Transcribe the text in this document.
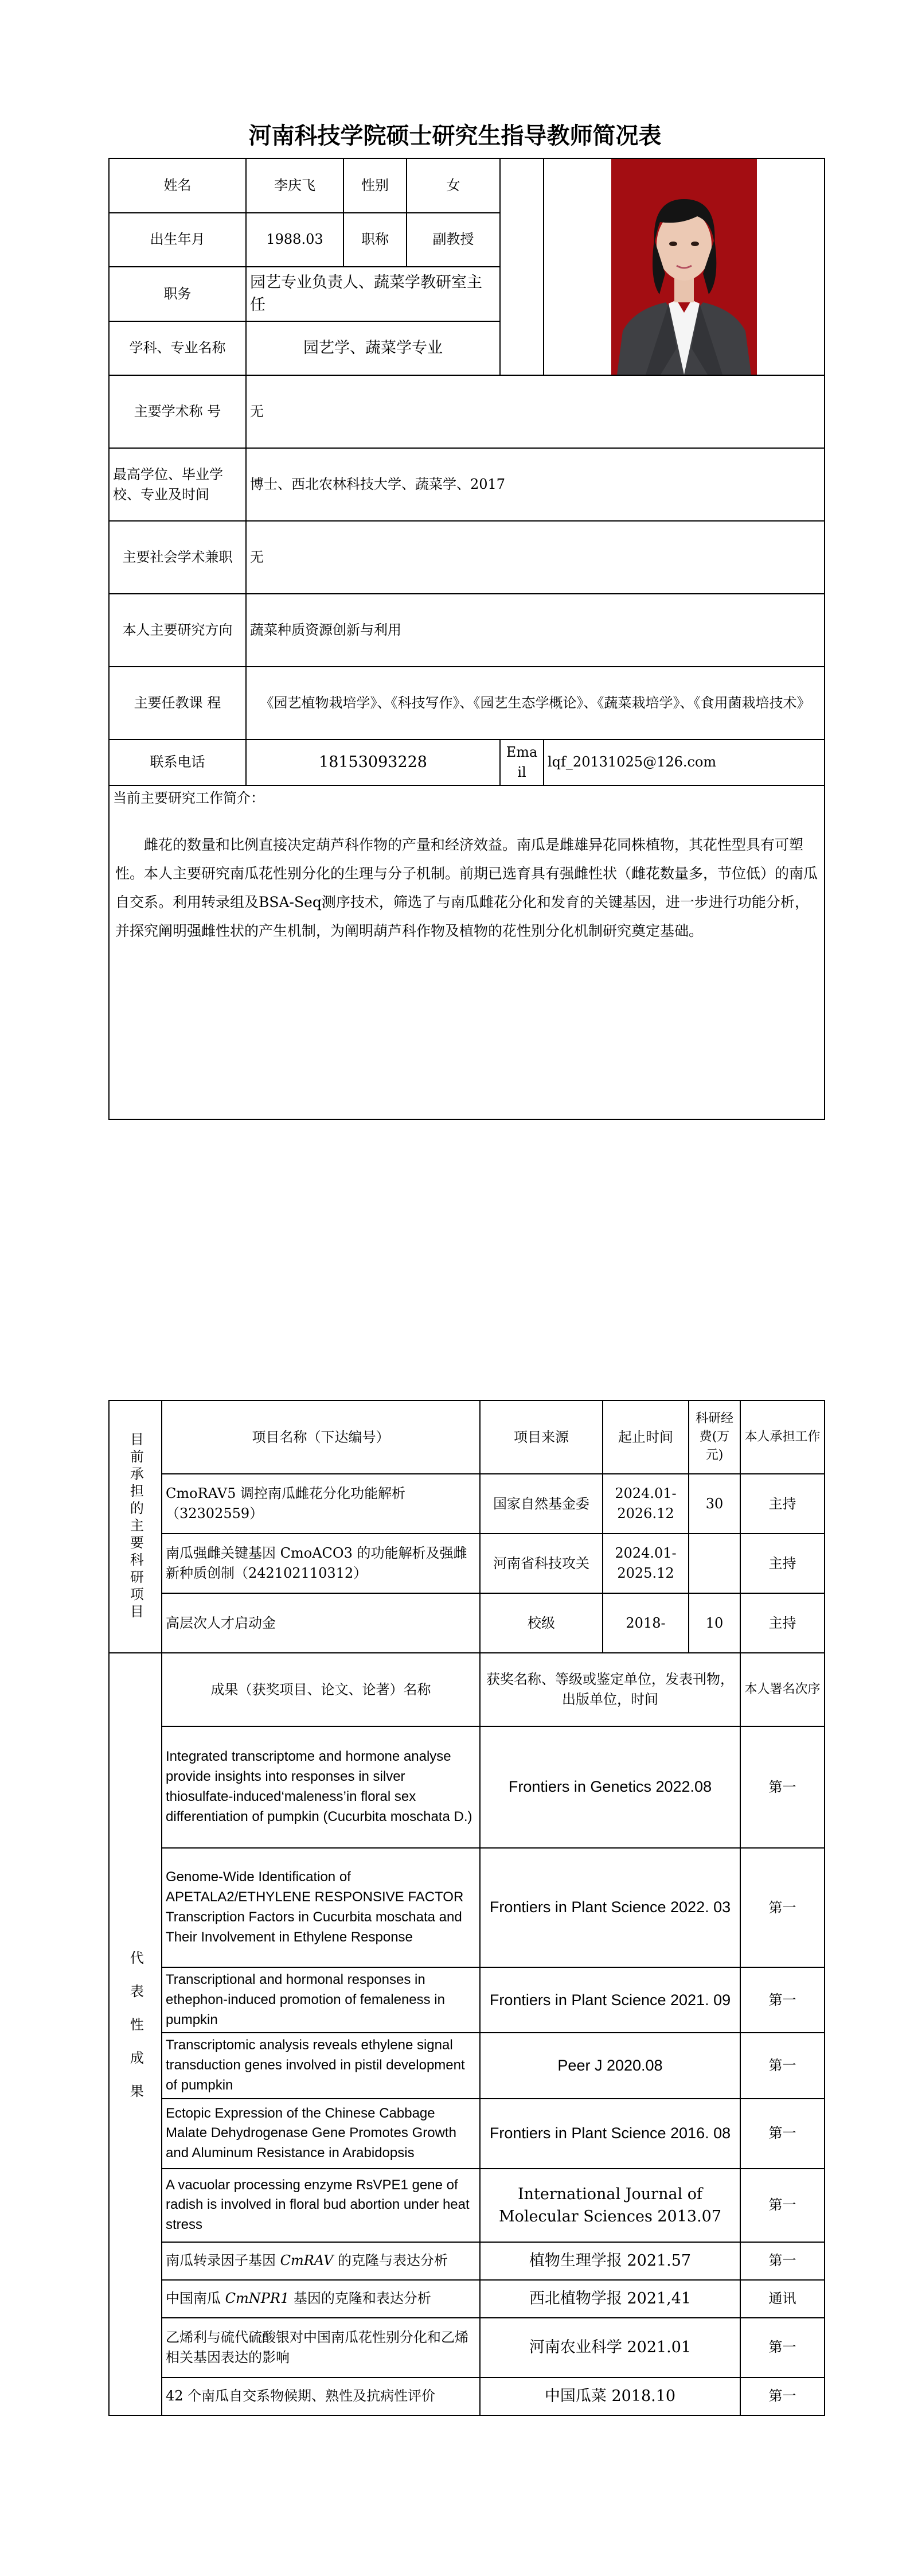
河南科技学院硕士研究生指导教师简况表
姓名	李庆飞	性别	女		

出生年月	1988.03	职称	副教授		
职务	园艺专业负责人、蔬菜学教研室主任				
学科、专业名称	园艺学、蔬菜学专业				
主要学术称 号	无				
最高学位、毕业学校、专业及时间	博士、西北农林科技大学、蔬菜学、2017				
主要社会学术兼职	无				
本人主要研究方向	蔬菜种质资源创新与利用				
主要任教课 程	《园艺植物栽培学》、《科技写作》、《园艺生态学概论》、《蔬菜栽培学》、《食用菌栽培技术》				
联系电话	18153093228			Email	lqf_20131025@126.com

当前主要研究工作简介：
雌花的数量和比例直接决定葫芦科作物的产量和经济效益。南瓜是雌雄异花同株植物，其花性型具有可塑性。本人主要研究南瓜花性别分化的生理与分子机制。前期已选育具有强雌性状（雌花数量多，节位低）的南瓜自交系。利用转录组及BSA-Seq测序技术，筛选了与南瓜雌花分化和发育的关键基因，进一步进行功能分析，并探究阐明强雌性状的产生机制，为阐明葫芦科作物及植物的花性别分化机制研究奠定基础。					
目前承担的主要科研项目	项目名称（下达编号）	项目来源	起止时间	科研经费(万元)	本人承担工作
	CmoRAV5 调控南瓜雌花分化功能解析（32302559）	国家自然基金委	2024.01-2026.12	30	主持
	南瓜强雌关键基因 CmoACO3 的功能解析及强雌新种质创制（242102110312）	河南省科技攻关	2024.01-2025.12		主持
	高层次人才启动金	校级	2018-	10	主持

代表性成果	成果（获奖项目、论文、论著）名称	获奖名称、等级或鉴定单位，发表刊物，出版单位，时间			本人署名次序
	Integrated transcriptome and hormone analyse provide insights into responses in silver thiosulfate-induced‘maleness’in floral sex differentiation of pumpkin (Cucurbita moschata D.)	Frontiers in Genetics 2022.08			第一
	Genome-Wide Identification of APETALA2/ETHYLENE RESPONSIVE FACTOR Transcription Factors in Cucurbita moschata and Their Involvement in Ethylene Response	Frontiers in Plant Science 2022. 03			第一
	Transcriptional and hormonal responses in ethephon-induced promotion of femaleness in pumpkin	Frontiers in Plant Science 2021. 09			第一
	Transcriptomic analysis reveals ethylene signal transduction genes involved in pistil development of pumpkin	Peer J 2020.08			第一
	Ectopic Expression of the Chinese Cabbage Malate Dehydrogenase Gene Promotes Growth and Aluminum Resistance in Arabidopsis	Frontiers in Plant Science 2016. 08			第一
	A vacuolar processing enzyme RsVPE1 gene of radish is involved in floral bud abortion under heat stress	International Journal of Molecular Sciences 2013.07			第一
	南瓜转录因子基因 CmRAV 的克隆与表达分析	植物生理学报 2021.57			第一
	中国南瓜 CmNPR1 基因的克隆和表达分析	西北植物学报 2021,41			通讯
	乙烯利与硫代硫酸银对中国南瓜花性别分化和乙烯相关基因表达的影响	河南农业科学 2021.01			第一
	42 个南瓜自交系物候期、熟性及抗病性评价	中国瓜菜 2018.10			第一
